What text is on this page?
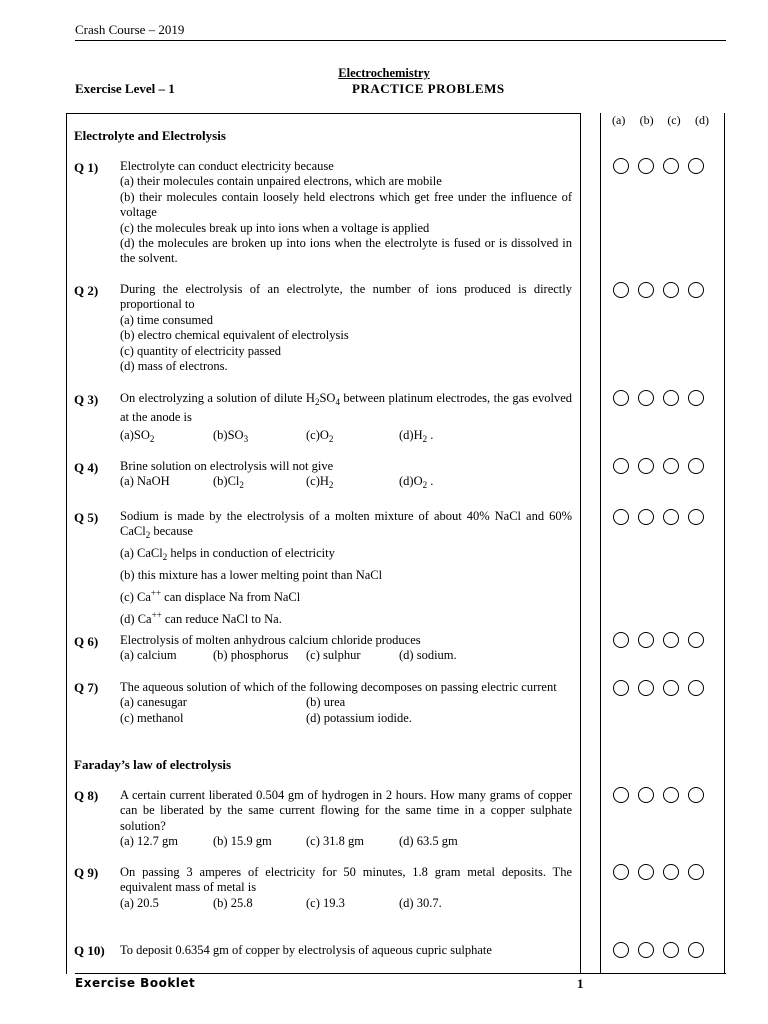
Crash Course – 2019
Electrochemistry
Exercise Level – 1	PRACTICE PROBLEMS
(a)	(b)	(c)	(d)
Electrolyte and Electrolysis
Q 1) Electrolyte can conduct electricity because
(a) their molecules contain unpaired electrons, which are mobile
(b) their molecules contain loosely held electrons which get free under the influence of voltage
(c) the molecules break up into ions when a voltage is applied
(d) the molecules are broken up into ions when the electrolyte is fused or is dissolved in the solvent.
Q 2) During the electrolysis of an electrolyte, the number of ions produced is directly proportional to
(a) time consumed
(b) electro chemical equivalent of electrolysis
(c) quantity of electricity passed
(d) mass of electrons.
Q 3) On electrolyzing a solution of dilute $H_2SO_4$ between platinum electrodes, the gas evolved at the anode is
$(a)SO_2$	$(b)SO_3$	$(c)O_2$	$(d)H_2$ .
Q 4) Brine solution on electrolysis will not give
(a) NaOH	$(b)Cl_2$	$(c)H_2$	$(d)O_2$ .
Q 5) Sodium is made by the electrolysis of a molten mixture of about 40% NaCl and 60% CaCl$_2$ because
(a) CaCl$_2$ helps in conduction of electricity
(b) this mixture has a lower melting point than NaCl
(c) Ca++ can displace Na from NaCl
(d) Ca++ can reduce NaCl to Na.
Q 6) Electrolysis of molten anhydrous calcium chloride produces
(a) calcium	(b) phosphorus	(c) sulphur	(d) sodium.
Q 7) The aqueous solution of which of the following decomposes on passing electric current
(a) canesugar	(b) urea
(c) methanol	(d) potassium iodide.
Faraday’s law of electrolysis
Q 8) A certain current liberated 0.504 gm of hydrogen in 2 hours. How many grams of copper can be liberated by the same current flowing for the same time in a copper sulphate solution?
(a) 12.7 gm	(b) 15.9 gm	(c) 31.8 gm	(d) 63.5 gm
Q 9) On passing 3 amperes of electricity for 50 minutes, 1.8 gram metal deposits. The equivalent mass of metal is
(a) 20.5	(b) 25.8	(c) 19.3	(d) 30.7.
Q 10) To deposit 0.6354 gm of copper by electrolysis of aqueous cupric sulphate
Exercise Booklet	1
